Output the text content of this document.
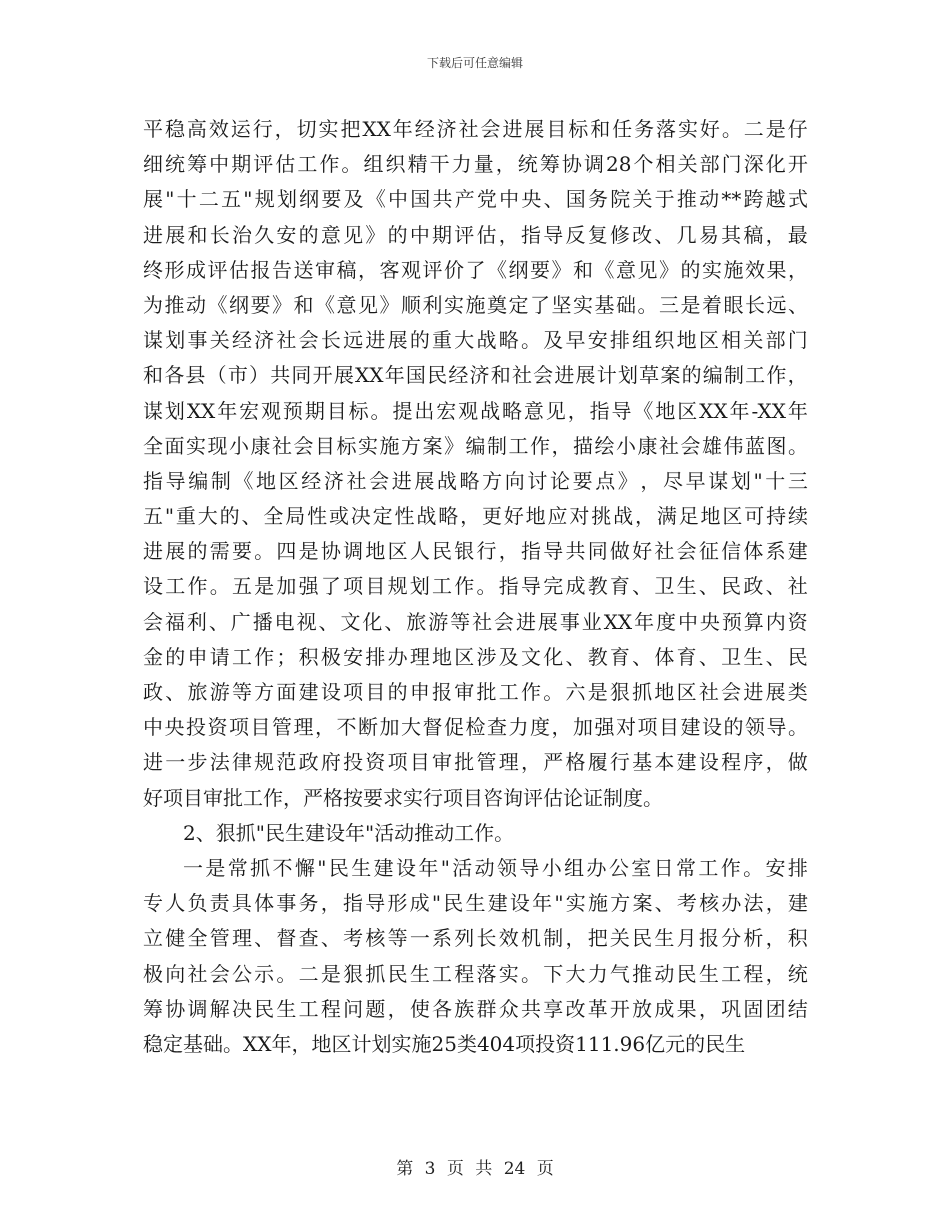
下载后可任意编辑
平 稳 高 效 运 行 ， 切 实 把 XX 年 经 济 社 会 进 展 目 标 和 任 务 落 实 好 。 二 是 仔
细 统 筹 中 期 评 估 工 作 。 组 织 精 干 力 量 ， 统 筹 协 调 28 个 相 关 部 门 深 化 开
展 " 十 二 五 " 规 划 纲 要 及 《 中 国 共 产 党 中 央 、 国 务 院 关 于 推 动 ** 跨 越 式
进 展 和 长 治 久 安 的 意 见 》 的 中 期 评 估 ， 指 导 反 复 修 改 、 几 易 其 稿 ， 最
终 形 成 评 估 报 告 送 审 稿 ， 客 观 评 价 了 《 纲 要 》 和 《 意 见 》 的 实 施 效 果 ，
为 推 动 《 纲 要 》 和 《 意 见 》 顺 利 实 施 奠 定 了 坚 实 基 础 。 三 是 着 眼 长 远 、
谋 划 事 关 经 济 社 会 长 远 进 展 的 重 大 战 略 。 及 早 安 排 组 织 地 区 相 关 部 门
和 各 县 （ 市 ） 共 同 开 展 XX 年 国 民 经 济 和 社 会 进 展 计 划 草 案 的 编 制 工 作 ，
谋 划 XX 年 宏 观 预 期 目 标 。 提 出 宏 观 战 略 意 见 ， 指 导 《 地 区 XX 年 -XX 年
全 面 实 现 小 康 社 会 目 标 实 施 方 案 》 编 制 工 作 ， 描 绘 小 康 社 会 雄 伟 蓝 图 。
指 导 编 制 《 地 区 经 济 社 会 进 展 战 略 方 向 讨 论 要 点 》 ， 尽 早 谋 划 " 十 三
五 " 重 大 的 、 全 局 性 或 决 定 性 战 略 ， 更 好 地 应 对 挑 战 ， 满 足 地 区 可 持 续
进 展 的 需 要 。 四 是 协 调 地 区 人 民 银 行 ， 指 导 共 同 做 好 社 会 征 信 体 系 建
设 工 作 。 五 是 加 强 了 项 目 规 划 工 作 。 指 导 完 成 教 育 、 卫 生 、 民 政 、 社
会 福 利 、 广 播 电 视 、 文 化 、 旅 游 等 社 会 进 展 事 业 XX 年 度 中 央 预 算 内 资
金 的 申 请 工 作 ； 积 极 安 排 办 理 地 区 涉 及 文 化 、 教 育 、 体 育 、 卫 生 、 民
政 、 旅 游 等 方 面 建 设 项 目 的 申 报 审 批 工 作 。 六 是 狠 抓 地 区 社 会 进 展 类
中 央 投 资 项 目 管 理 ， 不 断 加 大 督 促 检 查 力 度 ， 加 强 对 项 目 建 设 的 领 导 。
进 一 步 法 律 规 范 政 府 投 资 项 目 审 批 管 理 ， 严 格 履 行 基 本 建 设 程 序 ， 做
好 项 目 审 批 工 作 ， 严 格 按 要 求 实 行 项 目 咨 询 评 估 论 证 制 度 。
2 、 狠 抓 " 民 生 建 设 年 " 活 动 推 动 工 作 。
一 是 常 抓 不 懈 " 民 生 建 设 年 " 活 动 领 导 小 组 办 公 室 日 常 工 作 。 安 排
专 人 负 责 具 体 事 务 ， 指 导 形 成 " 民 生 建 设 年 " 实 施 方 案 、 考 核 办 法 ， 建
立 健 全 管 理 、 督 查 、 考 核 等 一 系 列 长 效 机 制 ， 把 关 民 生 月 报 分 析 ， 积
极 向 社 会 公 示 。 二 是 狠 抓 民 生 工 程 落 实 。 下 大 力 气 推 动 民 生 工 程 ， 统
筹 协 调 解 决 民 生 工 程 问 题 ， 使 各 族 群 众 共 享 改 革 开 放 成 果 ， 巩 固 团 结
稳 定 基 础 。 XX 年 ， 地 区 计 划 实 施 25 类 404 项 投 资 111.96 亿 元 的 民 生
第 3 页 共 24 页
